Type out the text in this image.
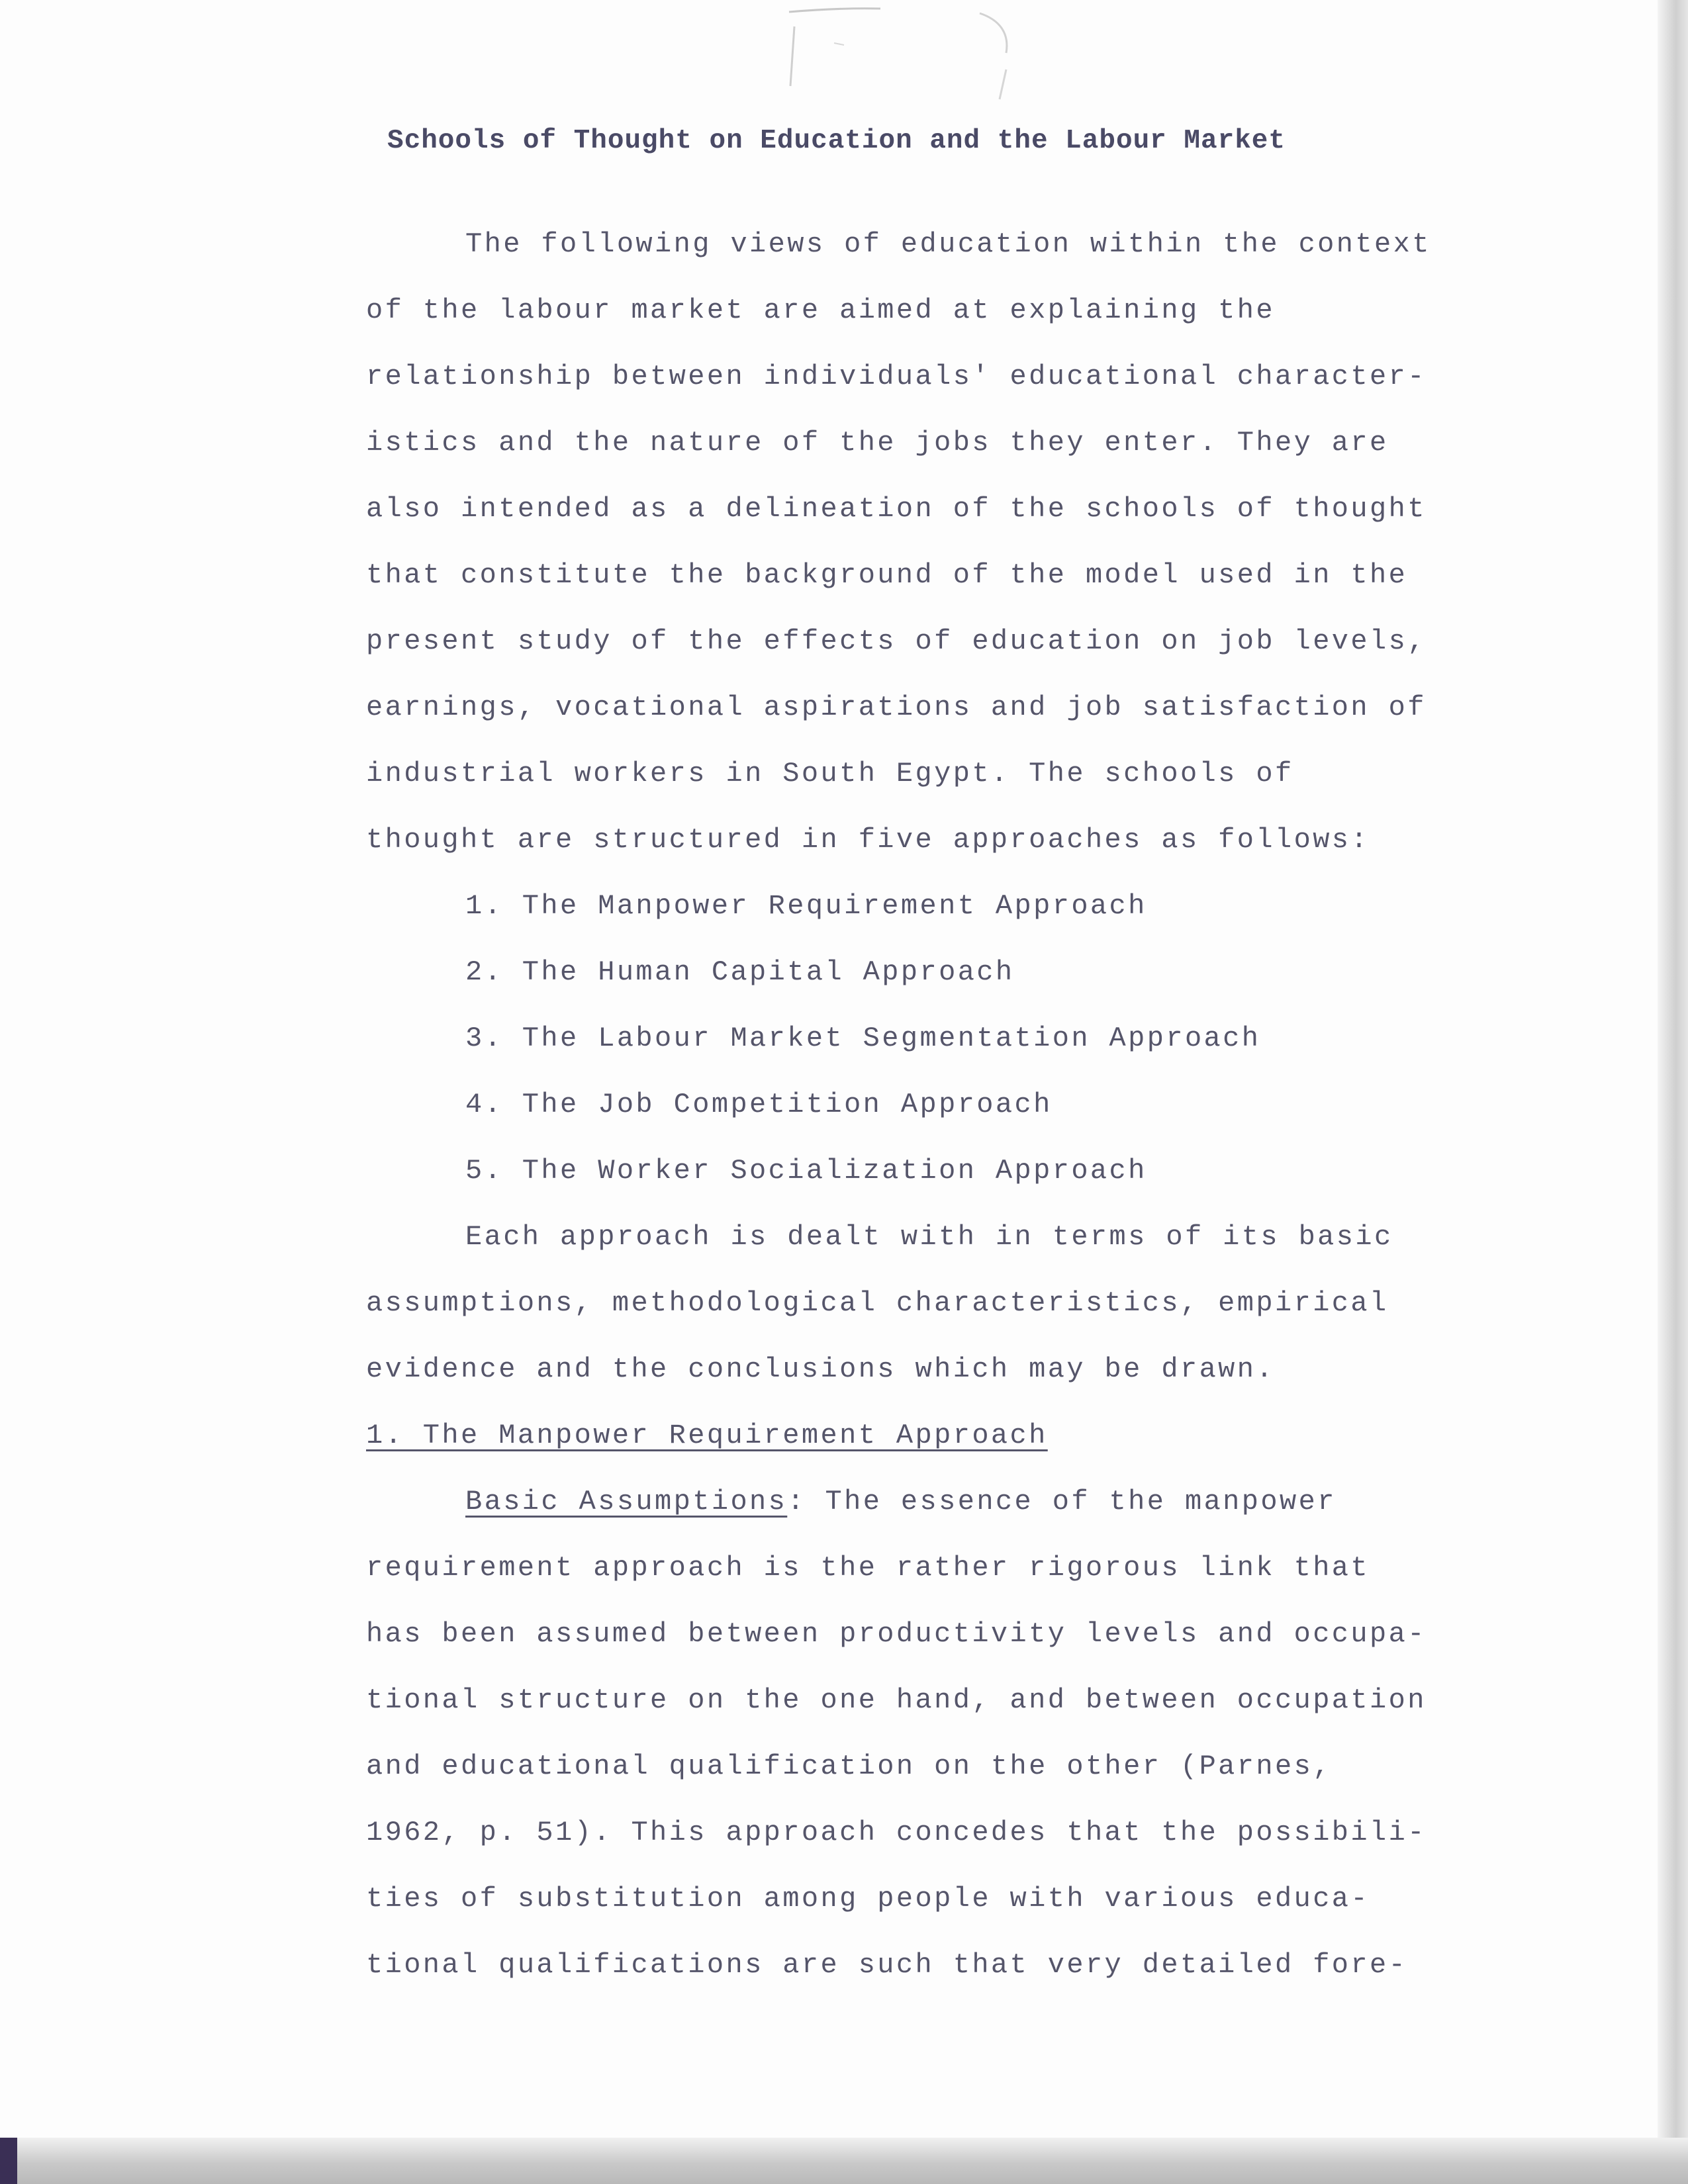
Schools of Thought on Education and the Labour Market
The following views of education within the context
of the labour market are aimed at explaining the
relationship between individuals' educational character-
istics and the nature of the jobs they enter. They are
also intended as a delineation of the schools of thought
that constitute the background of the model used in the
present study of the effects of education on job levels,
earnings, vocational aspirations and job satisfaction of
industrial workers in South Egypt. The schools of
thought are structured in five approaches as follows:
1. The Manpower Requirement Approach
2. The Human Capital Approach
3. The Labour Market Segmentation Approach
4. The Job Competition Approach
5. The Worker Socialization Approach
Each approach is dealt with in terms of its basic
assumptions, methodological characteristics, empirical
evidence and the conclusions which may be drawn.
1. The Manpower Requirement Approach
Basic Assumptions: The essence of the manpower
requirement approach is the rather rigorous link that
has been assumed between productivity levels and occupa-
tional structure on the one hand, and between occupation
and educational qualification on the other (Parnes,
1962, p. 51). This approach concedes that the possibili-
ties of substitution among people with various educa-
tional qualifications are such that very detailed fore-
